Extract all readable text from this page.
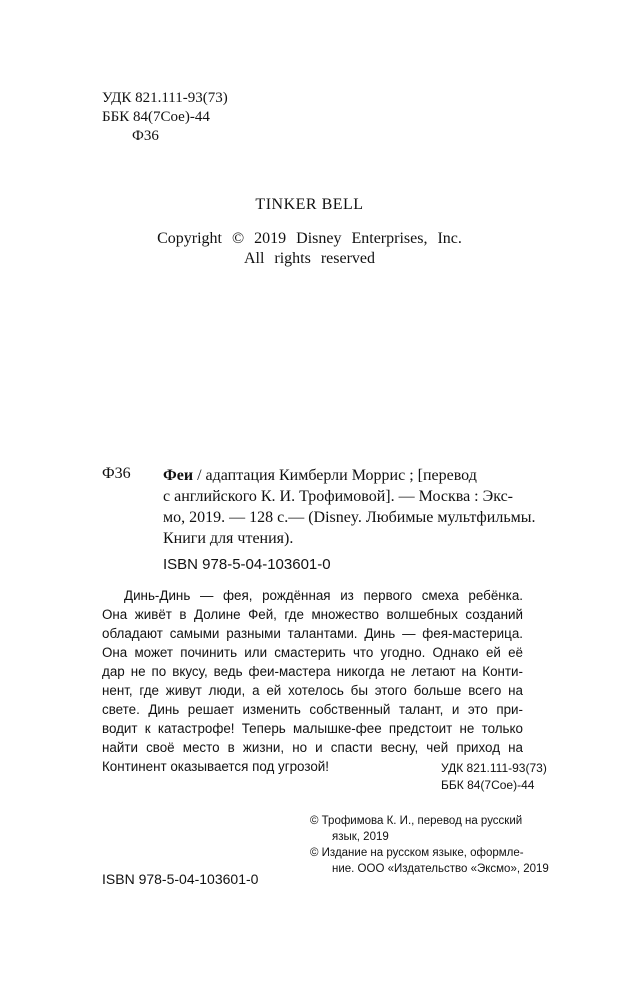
УДК 821.111-93(73)
ББК 84(7Сое)-44
Ф36
TINKER BELL
Copyright © 2019 Disney Enterprises, Inc.
All rights reserved
Ф36 Феи / адаптация Кимберли Моррис ; [перевод
с английского К. И. Трофимовой]. — Москва : Экс-
мо, 2019. — 128 с.— (Disney. Любимые мультфильмы.
Книги для чтения).
ISBN 978-5-04-103601-0
Динь-Динь — фея, рождённая из первого смеха ребёнка.
Она живёт в Долине Фей, где множество волшебных созданий
обладают самыми разными талантами. Динь — фея-мастерица.
Она может починить или смастерить что угодно. Однако ей её
дар не по вкусу, ведь феи-мастера никогда не летают на Конти-
нент, где живут люди, а ей хотелось бы этого больше всего на
свете. Динь решает изменить собственный талант, и это при-
водит к катастрофе! Теперь малышке-фее предстоит не только
найти своё место в жизни, но и спасти весну, чей приход на
Континент оказывается под угрозой!	УДК 821.111-93(73)
ББК 84(7Сое)-44
© Трофимова К. И., перевод на русский
язык, 2019
© Издание на русском языке, оформле-
ние. ООО «Издательство «Эксмо», 2019
ISBN 978-5-04-103601-0
